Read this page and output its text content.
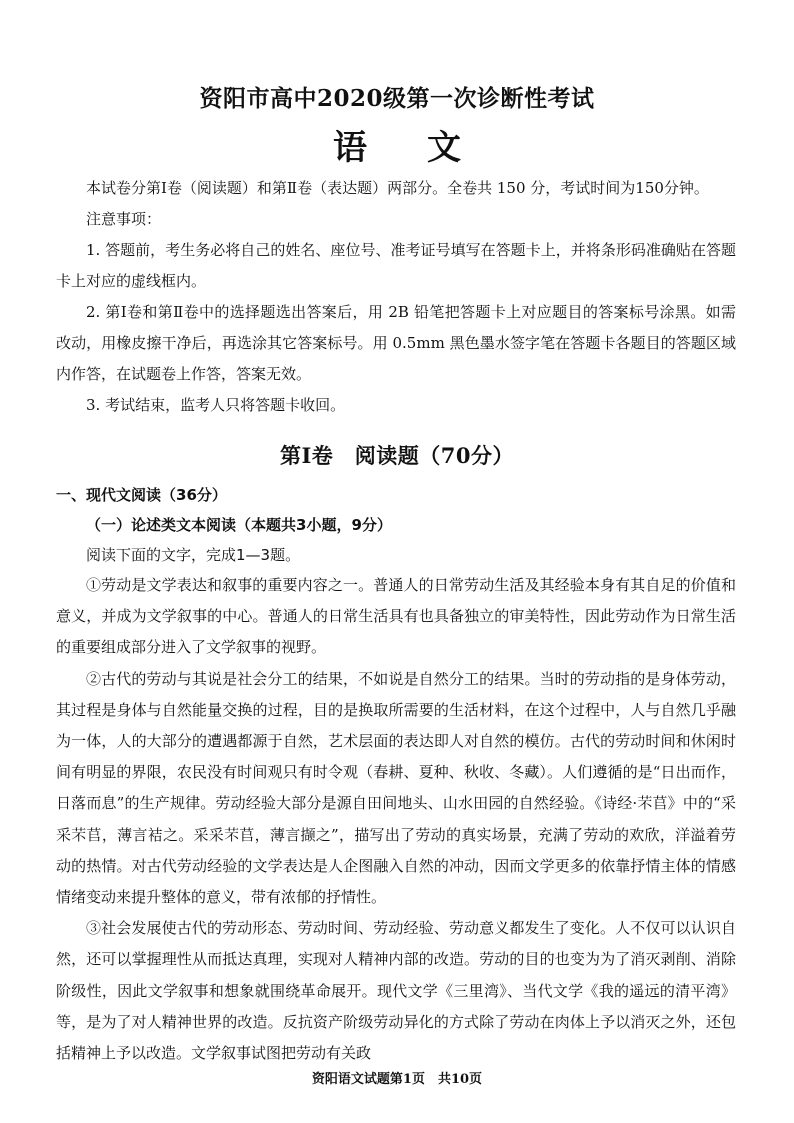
资阳市高中2020级第一次诊断性考试
语文

本试卷分第Ⅰ卷（阅读题）和第Ⅱ卷（表达题）两部分。全卷共 150 分，考试时间为150分钟。

注意事项：

1. 答题前，考生务必将自己的姓名、座位号、准考证号填写在答题卡上，并将条形码准确贴在答题卡上对应的虚线框内。

2. 第Ⅰ卷和第Ⅱ卷中的选择题选出答案后，用 2B 铅笔把答题卡上对应题目的答案标号涂黑。如需改动，用橡皮擦干净后，再选涂其它答案标号。用 0.5mm 黑色墨水签字笔在答题卡各题目的答题区域内作答，在试题卷上作答，答案无效。

3. 考试结束，监考人只将答题卡收回。

第Ⅰ卷　阅读题（70分）
一、现代文阅读（36分）
（一）论述类文本阅读（本题共3小题，9分）
阅读下面的文字，完成1—3题。

①劳动是文学表达和叙事的重要内容之一。普通人的日常劳动生活及其经验本身有其自足的价值和意义，并成为文学叙事的中心。普通人的日常生活具有也具备独立的审美特性，因此劳动作为日常生活的重要组成部分进入了文学叙事的视野。

②古代的劳动与其说是社会分工的结果，不如说是自然分工的结果。当时的劳动指的是身体劳动，其过程是身体与自然能量交换的过程，目的是换取所需要的生活材料，在这个过程中，人与自然几乎融为一体，人的大部分的遭遇都源于自然，艺术层面的表达即人对自然的模仿。古代的劳动时间和休闲时间有明显的界限，农民没有时间观只有时令观（春耕、夏种、秋收、冬藏）。人们遵循的是“日出而作，日落而息”的生产规律。劳动经验大部分是源自田间地头、山水田园的自然经验。《诗经·芣苢》中的“采采芣苢，薄言袺之。采采芣苢，薄言撷之”，描写出了劳动的真实场景，充满了劳动的欢欣，洋溢着劳动的热情。对古代劳动经验的文学表达是人企图融入自然的冲动，因而文学更多的依靠抒情主体的情感情绪变动来提升整体的意义，带有浓郁的抒情性。

③社会发展使古代的劳动形态、劳动时间、劳动经验、劳动意义都发生了变化。人不仅可以认识自然，还可以掌握理性从而抵达真理，实现对人精神内部的改造。劳动的目的也变为为了消灭剥削、消除阶级性，因此文学叙事和想象就围绕革命展开。现代文学《三里湾》、当代文学《我的遥远的清平湾》等，是为了对人精神世界的改造。反抗资产阶级劳动异化的方式除了劳动在肉体上予以消灭之外，还包括精神上予以改造。文学叙事试图把劳动有关政

资阳语文试题第1页　共10页
